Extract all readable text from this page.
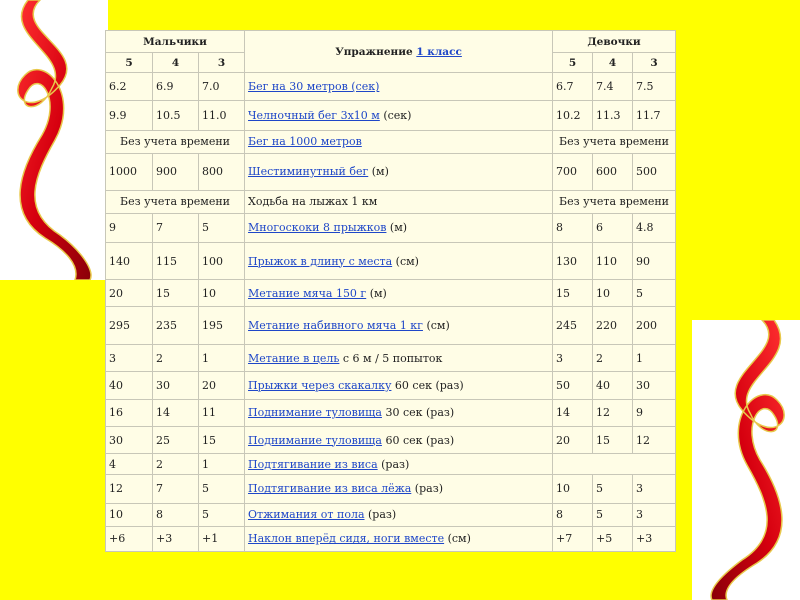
Мальчики			Упражнение 1 класс	Девочки		
5	4	3		5	4	3
6.2	6.9	7.0	Бег на 30 метров (сек)	6.7	7.4	7.5
9.9	10.5	11.0	Челночный бег 3х10 м (сек)	10.2	11.3	11.7
Без учета времени			Бег на 1000 метров	Без учета времени		
1000	900	800	Шестиминутный бег (м)	700	600	500
Без учета времени			Ходьба на лыжах 1 км	Без учета времени		
9	7	5	Многоскоки 8 прыжков (м)	8	6	4.8
140	115	100	Прыжок в длину с места (см)	130	110	90
20	15	10	Метание мяча 150 г (м)	15	10	5
295	235	195	Метание набивного мяча 1 кг (см)	245	220	200
3	2	1	Метание в цель с 6 м / 5 попыток	3	2	1
40	30	20	Прыжки через скакалку 60 сек (раз)	50	40	30
16	14	11	Поднимание туловища 30 сек (раз)	14	12	9
30	25	15	Поднимание туловища 60 сек (раз)	20	15	12
4	2	1	Подтягивание из виса (раз)			
12	7	5	Подтягивание из виса лёжа (раз)	10	5	3
10	8	5	Отжимания от пола (раз)	8	5	3
+6	+3	+1	Наклон вперёд сидя, ноги вместе (см)	+7	+5	+3
